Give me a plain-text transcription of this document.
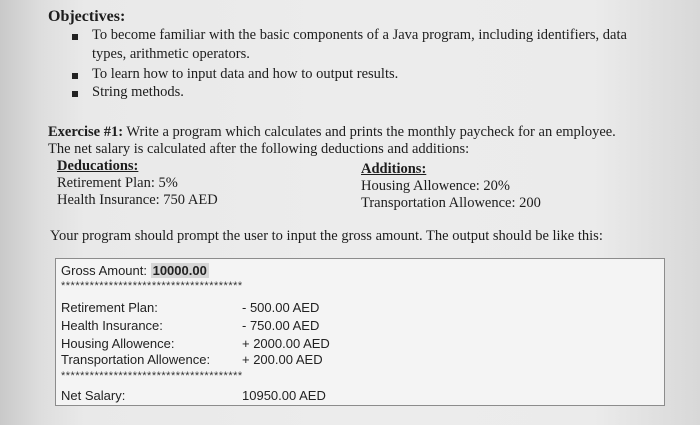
Objectives:
To become familiar with the basic components of a Java program, including identifiers, data
types, arithmetic operators.
To learn how to input data and how to output results.
String methods.
Exercise #1: Write a program which calculates and prints the monthly paycheck for an employee.
The net salary is calculated after the following deductions and additions:
Deducations:
Retirement Plan: 5%
Health Insurance: 750 AED
Additions:
Housing Allowence: 20%
Transportation Allowence: 200
Your program should prompt the user to input the gross amount. The output should be like this:
Gross Amount: 10000.00
**************************************
Retirement Plan:	- 500.00 AED
Health Insurance:	- 750.00 AED
Housing Allowence:	+ 2000.00 AED
Transportation Allowence: + 200.00 AED
**************************************
Net Salary:	10950.00 AED
